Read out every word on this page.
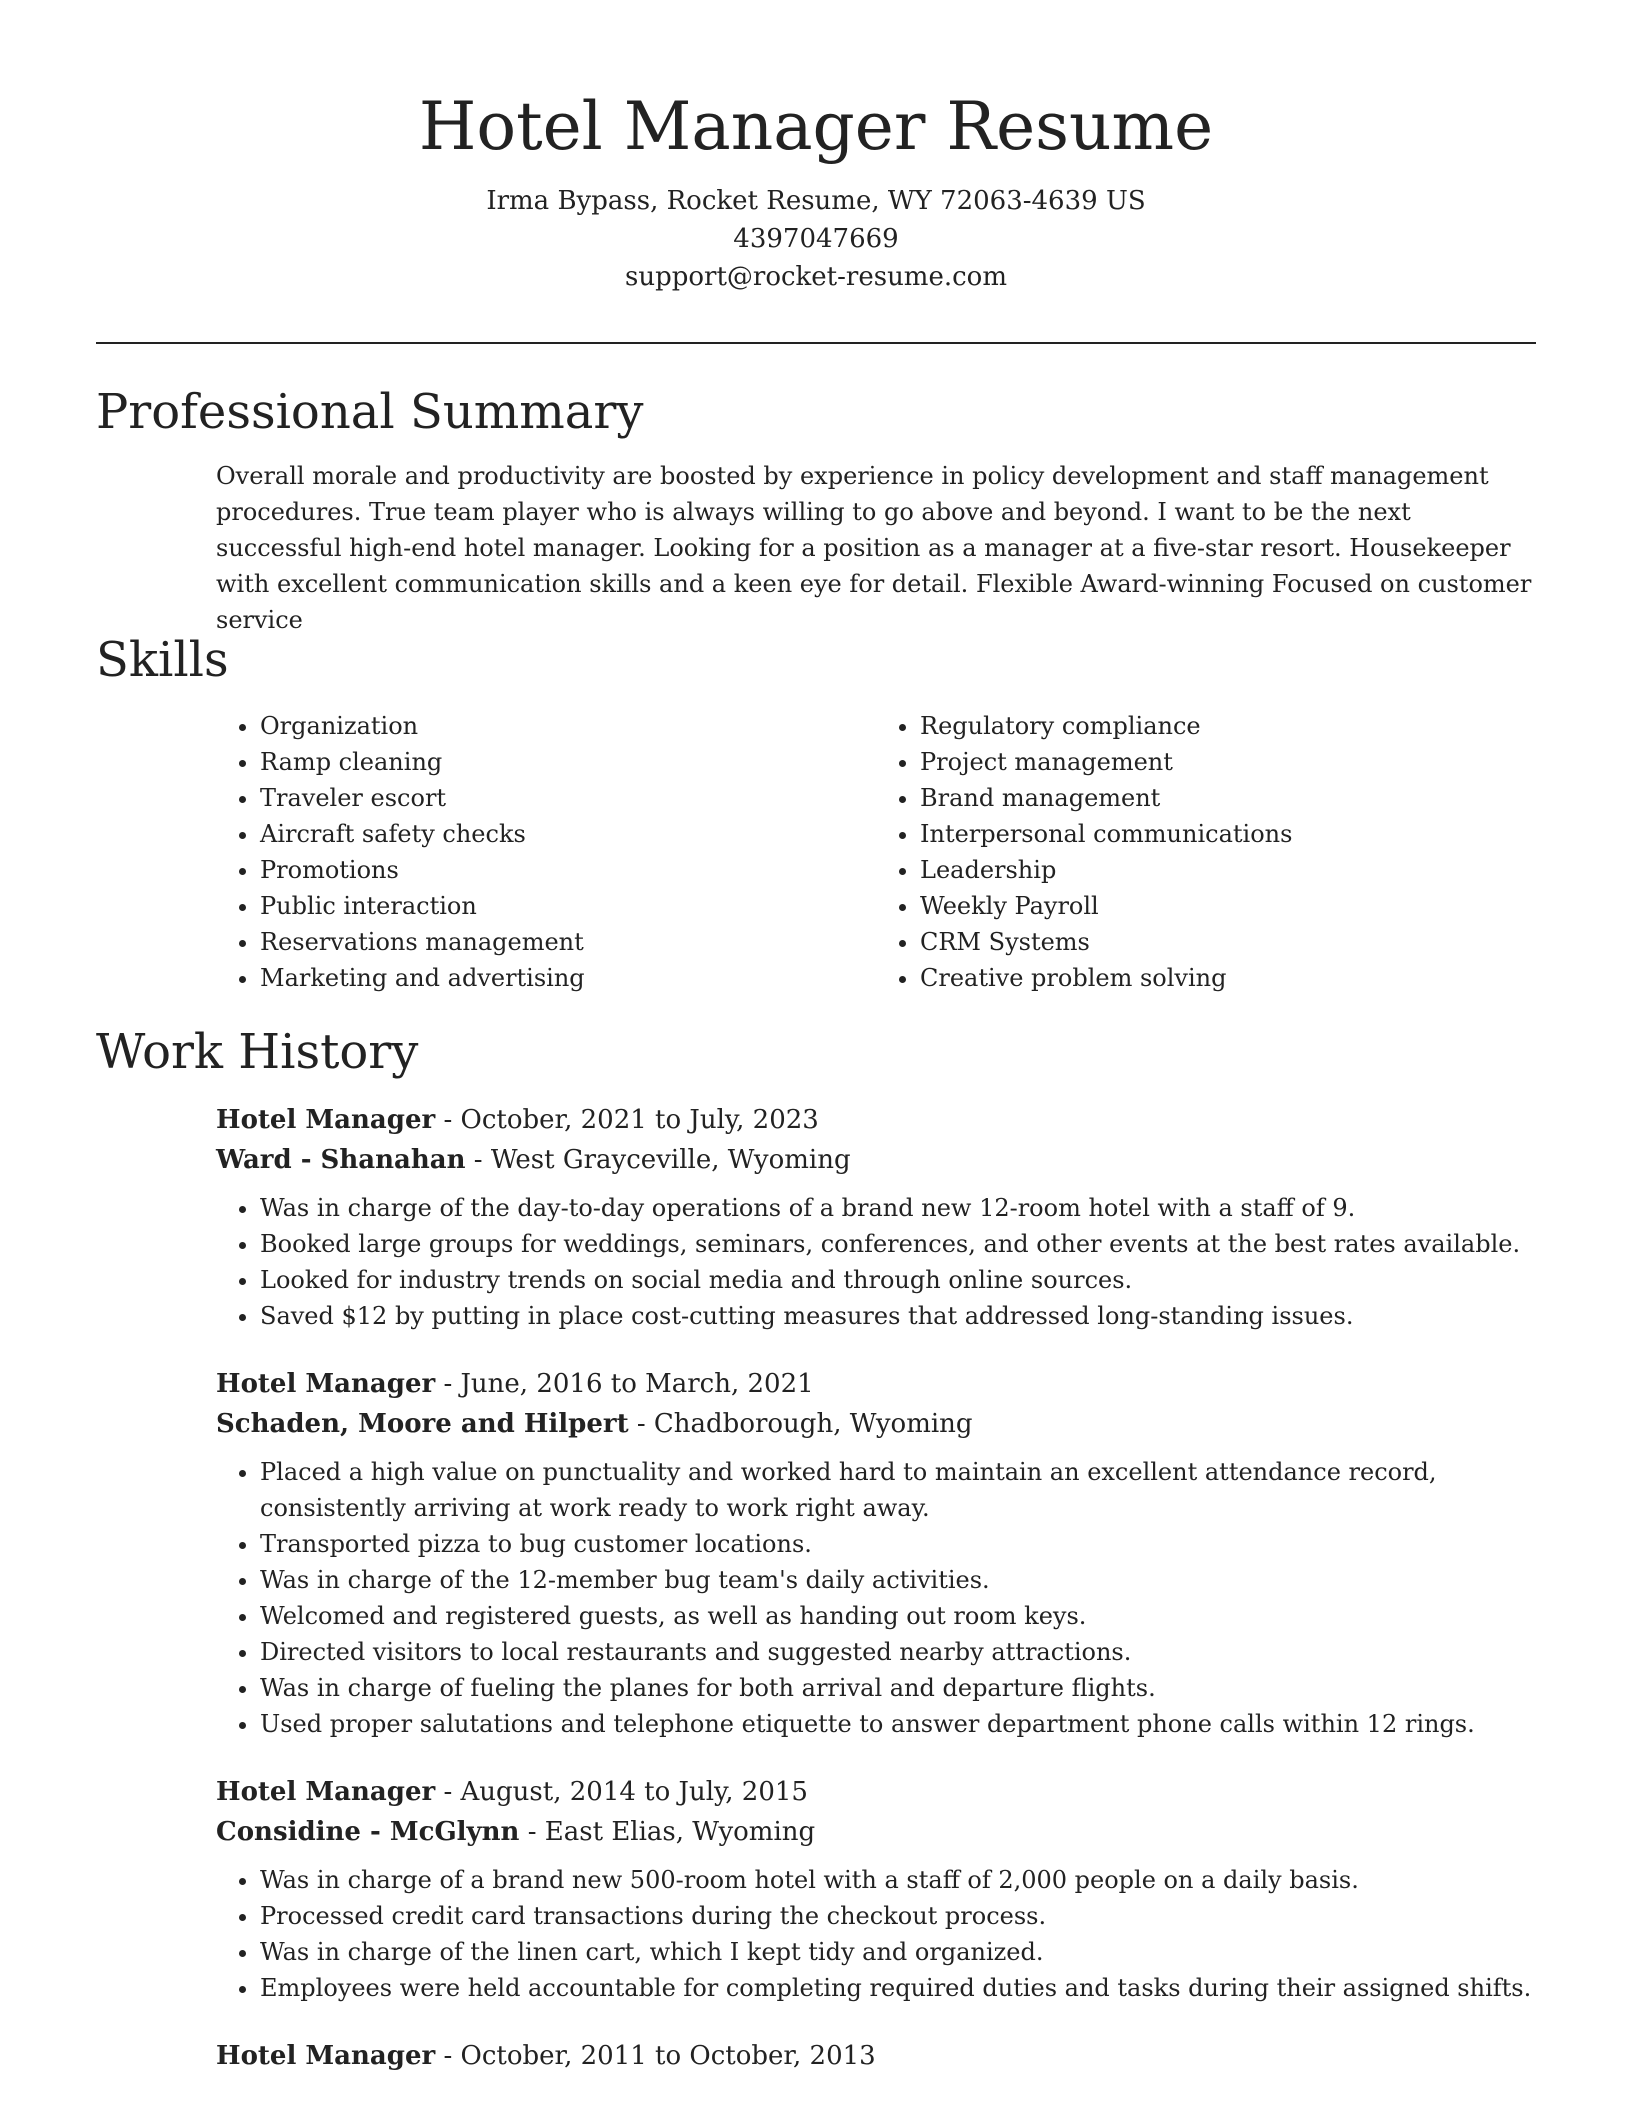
Hotel Manager Resume
Irma Bypass, Rocket Resume, WY 72063-4639 US
4397047669
support@rocket-resume.com
Professional Summary
Overall morale and productivity are boosted by experience in policy development and staff management procedures. True team player who is always willing to go above and beyond. I want to be the next successful high-end hotel manager. Looking for a position as a manager at a five-star resort. Housekeeper with excellent communication skills and a keen eye for detail. Flexible Award-winning Focused on customer service
Skills
• Organization
• Ramp cleaning
• Traveler escort
• Aircraft safety checks
• Promotions
• Public interaction
• Reservations management
• Marketing and advertising
• Regulatory compliance
• Project management
• Brand management
• Interpersonal communications
• Leadership
• Weekly Payroll
• CRM Systems
• Creative problem solving
Work History
Hotel Manager - October, 2021 to July, 2023
Ward - Shanahan - West Grayceville, Wyoming
• Was in charge of the day-to-day operations of a brand new 12-room hotel with a staff of 9.
• Booked large groups for weddings, seminars, conferences, and other events at the best rates available.
• Looked for industry trends on social media and through online sources.
• Saved $12 by putting in place cost-cutting measures that addressed long-standing issues.
Hotel Manager - June, 2016 to March, 2021
Schaden, Moore and Hilpert - Chadborough, Wyoming
• Placed a high value on punctuality and worked hard to maintain an excellent attendance record, consistently arriving at work ready to work right away.
• Transported pizza to bug customer locations.
• Was in charge of the 12-member bug team's daily activities.
• Welcomed and registered guests, as well as handing out room keys.
• Directed visitors to local restaurants and suggested nearby attractions.
• Was in charge of fueling the planes for both arrival and departure flights.
• Used proper salutations and telephone etiquette to answer department phone calls within 12 rings.
Hotel Manager - August, 2014 to July, 2015
Considine - McGlynn - East Elias, Wyoming
• Was in charge of a brand new 500-room hotel with a staff of 2,000 people on a daily basis.
• Processed credit card transactions during the checkout process.
• Was in charge of the linen cart, which I kept tidy and organized.
• Employees were held accountable for completing required duties and tasks during their assigned shifts.
Hotel Manager - October, 2011 to October, 2013
